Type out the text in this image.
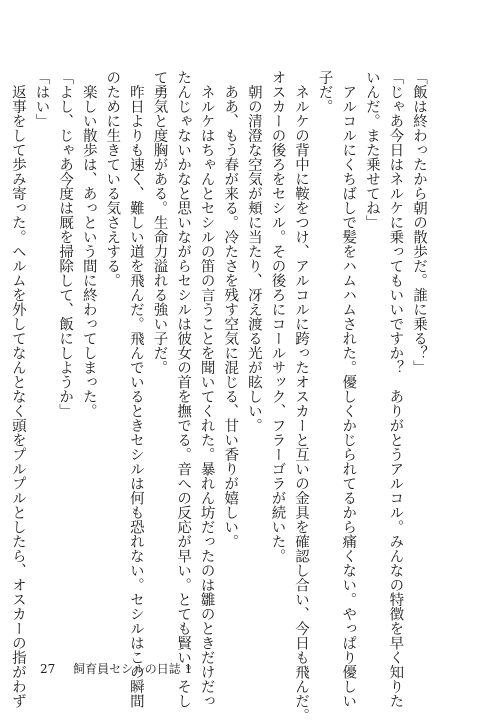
「飯は終わったから朝の散歩だ。誰に乗る？」
「じゃあ今日はネルケに乗ってもいいですか？　ありがとうアルコル。みんなの特徴を早く知りた
いんだ。また乗せてね」
　アルコルにくちばしで髪をハムハムされた。優しくかじられてるから痛くない。やっぱり優しい
子だ。
　ネルケの背中に鞍をつけ、アルコルに跨ったオスカーと互いの金具を確認し合い、今日も飛んだ。
オスカーの後ろをセシル。その後ろにコールサック、フラーゴラが続いた。
　朝の清澄な空気が頬に当たり、冴え渡る光が眩しい。
　ああ、もう春が来る。冷たさを残す空気に混じる、甘い香りが嬉しい。
　ネルケはちゃんとセシルの笛の言うことを聞いてくれた。暴れん坊だったのは雛のときだけだっ
たんじゃないかなと思いながらセシルは彼女の首を撫でる。音への反応が早い。とても賢い。そし
て勇気と度胸がある。生命力溢れる強い子だ。
　昨日よりも速く、難しい道を飛んだ。飛んでいるときセシルは何も恐れない。セシルはこの瞬間
のために生きている気さえする。
　楽しい散歩は、あっという間に終わってしまった。
「よし、じゃあ今度は厩を掃除して、飯にしようか」
「はい」
　返事をして歩み寄った。ヘルムを外してなんとなく頭をプルプルとしたら、オスカーの指がわず 27 飼育員セシルの日誌 1
